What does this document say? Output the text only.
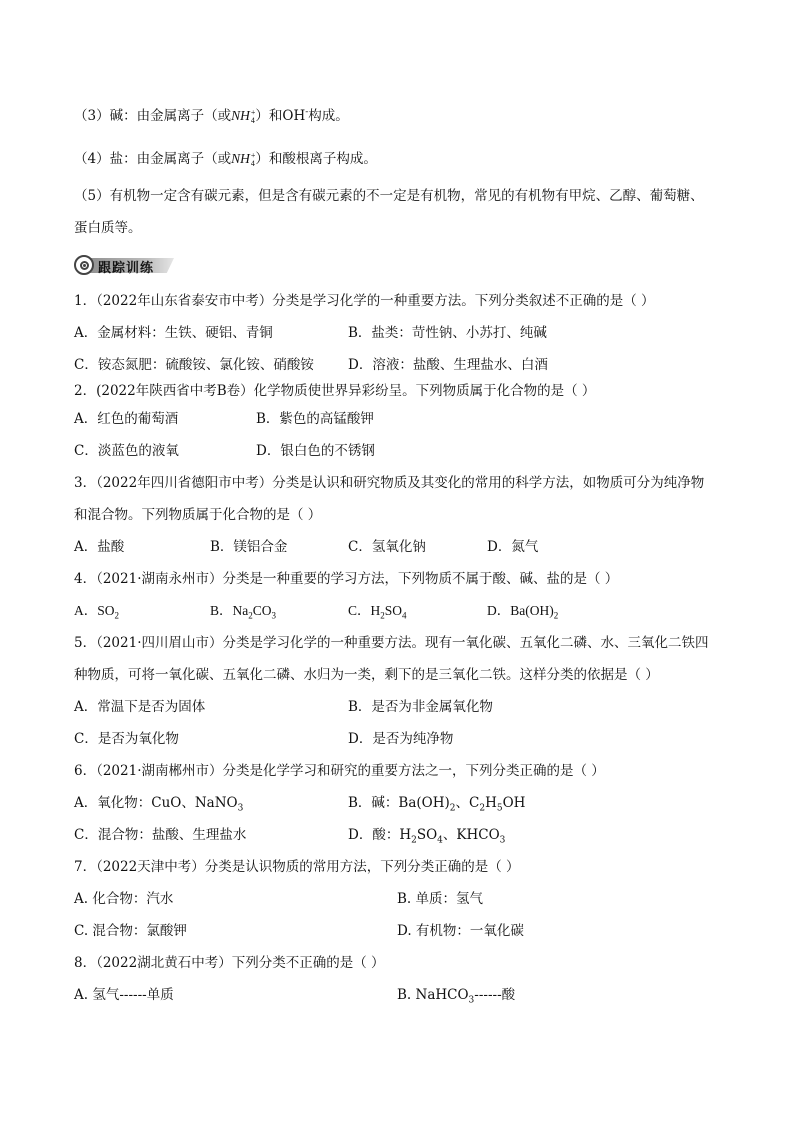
（3）碱：由金属离子（或NH +
4 ）和OH-构成。
（4）盐：由金属离子（或NH +
4 ）和酸根离子构成。
（5）有机物一定含有碳元素，但是含有碳元素的不一定是有机物，常见的有机物有甲烷、乙醇、葡萄糖、
蛋白质等。
跟踪训练
1．（2022年山东省泰安市中考）分类是学习化学的一种重要方法。下列分类叙述不正确的是（ ）
A．金属材料：生铁、硬铝、青铜	B．盐类：苛性钠、小苏打、纯碱
C．铵态氮肥：硫酸铵、氯化铵、硝酸铵	D．溶液：盐酸、生理盐水、白酒
2．(2022年陕西省中考B卷）化学物质使世界异彩纷呈。下列物质属于化合物的是（ ）
A．红色的葡萄酒	B．紫色的高锰酸钾
C．淡蓝色的液氧	D．银白色的不锈钢
3．（2022年四川省德阳市中考）分类是认识和研究物质及其变化的常用的科学方法，如物质可分为纯净物
和混合物。下列物质属于化合物的是（ ）
A．盐酸	B．镁铝合金	C．氢氧化钠	D．氮气
4．（2021·湖南永州市）分类是一种重要的学习方法，下列物质不属于酸、碱、盐的是（ ）
A．$SO_2$	B．$Na_2CO_3$	C．$H_2SO_4$	D．$Ba(OH)_2$
5．（2021·四川眉山市）分类是学习化学的一种重要方法。现有一氧化碳、五氧化二磷、水、三氧化二铁四
种物质，可将一氧化碳、五氧化二磷、水归为一类，剩下的是三氧化二铁。这样分类的依据是（ ）
A．常温下是否为固体	B．是否为非金属氧化物
C．是否为氧化物	D．是否为纯净物
6．（2021·湖南郴州市）分类是化学学习和研究的重要方法之一，下列分类正确的是（ ）
A．氧化物：CuO、NaNO$_3$	B．碱：$Ba(OH)_2$、$C_2H_5OH$
C．混合物：盐酸、生理盐水	D．酸：$H_2SO_4$、$KHCO_3$
7．（2022天津中考）分类是认识物质的常用方法，下列分类正确的是（ ）
A. 化合物：汽水	B. 单质：氢气
C. 混合物：氯酸钾	D. 有机物：一氧化碳
8．（2022湖北黄石中考）下列分类不正确的是（ ）
A. 氢气------单质	B. NaHCO$_3$------酸
